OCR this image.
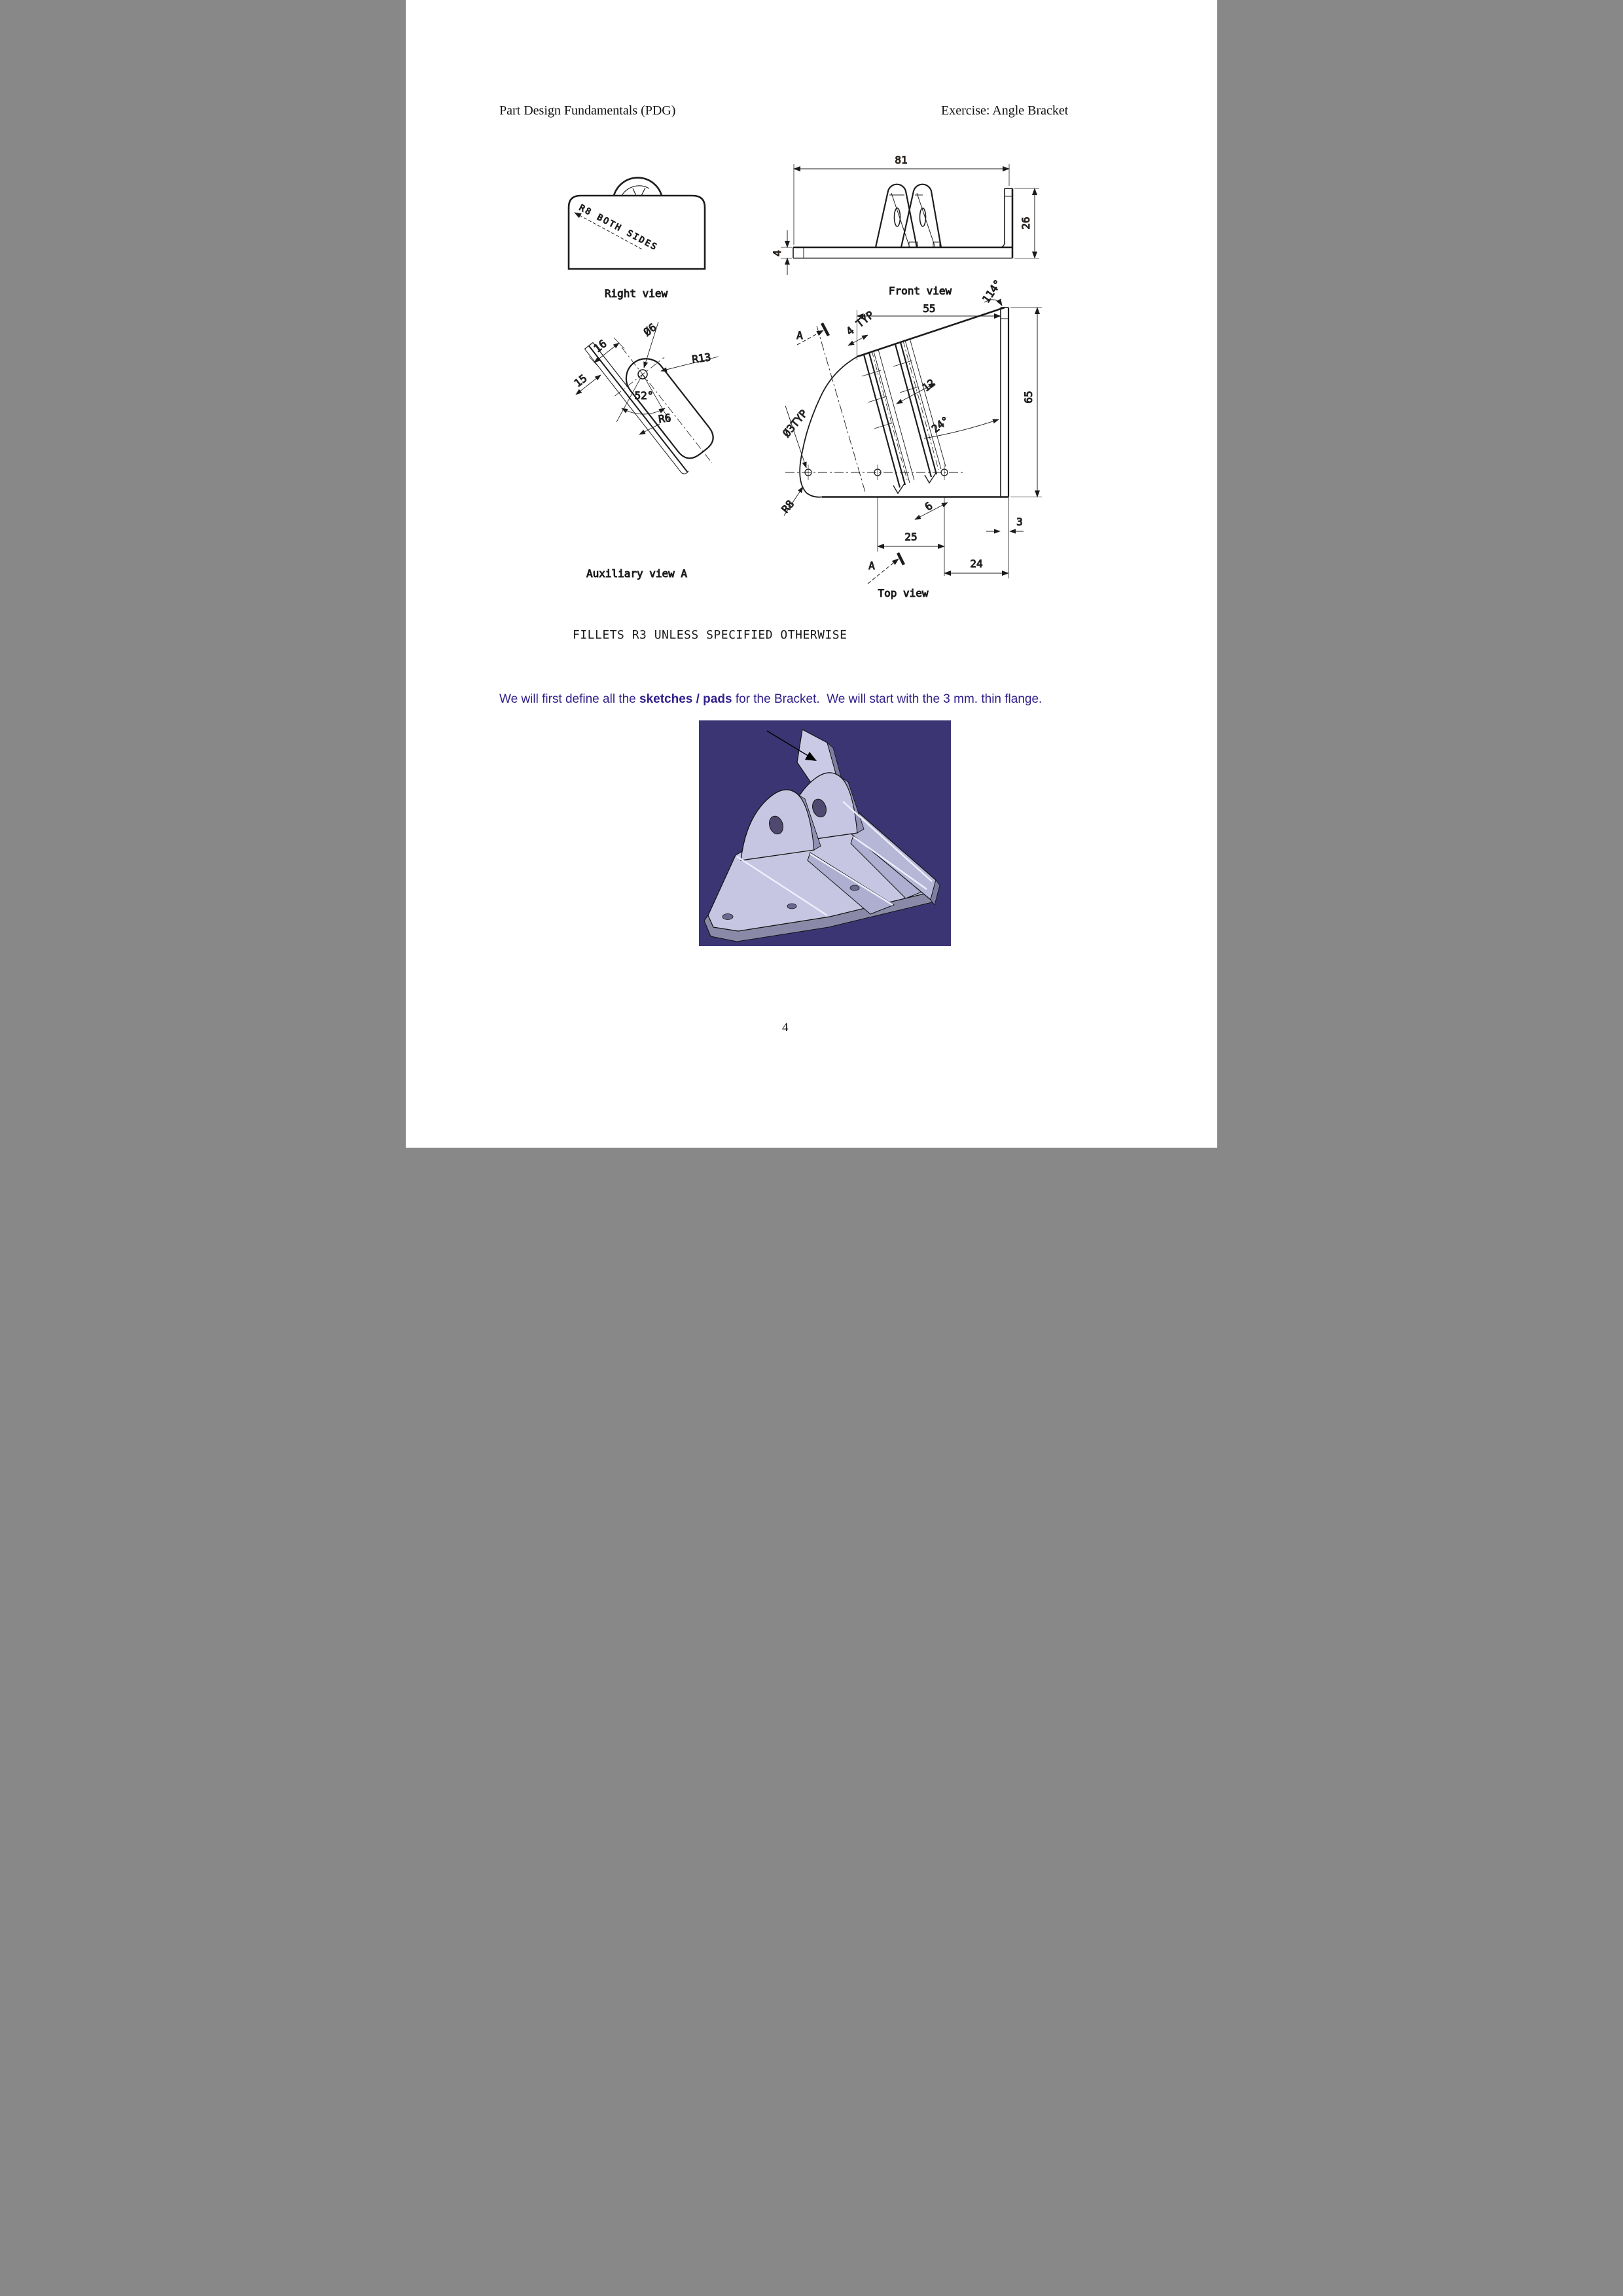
Part Design Fundamentals (PDG)	Exercise: Angle Bracket
R8 BOTH SIDES
Right view
81
26
4
Front view	114°
55
4 TYP
12
24°
Ø3TYP
R8	6
3
65
25
24
A
A
Top view
16
15
Ø6
R13
52°
R6
Auxiliary view A
FILLETS R3 UNLESS SPECIFIED OTHERWISE
We will first define all the sketches / pads for the Bracket.  We will start with the 3 mm. thin flange.
4
